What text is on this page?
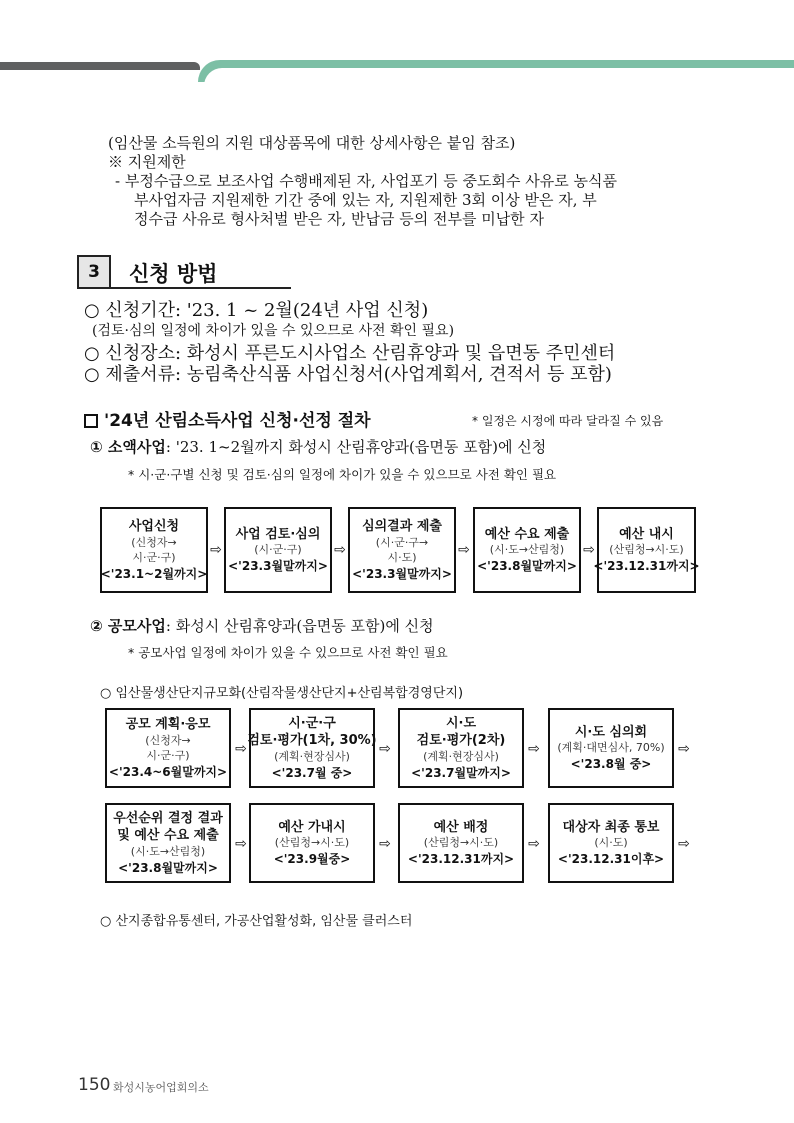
(임산물 소득원의 지원 대상품목에 대한 상세사항은 붙임 참조)
※ 지원제한
- 부정수급으로 보조사업 수행배제된 자, 사업포기 등 중도회수 사유로 농식품
부사업자금 지원제한 기간 중에 있는 자, 지원제한 3회 이상 받은 자, 부
정수급 사유로 형사처벌 받은 자, 반납금 등의 전부를 미납한 자
3	신청 방법
○ 신청기간: '23. 1 ~ 2월(24년 사업 신청)
(검토·심의 일정에 차이가 있을 수 있으므로 사전 확인 필요)
○ 신청장소: 화성시 푸른도시사업소 산림휴양과 및 읍면동 주민센터
○ 제출서류: 농림축산식품 사업신청서(사업계획서, 견적서 등 포함)
'24년 산림소득사업 신청·선정 절차	* 일정은 시정에 따라 달라질 수 있음
① 소액사업: '23. 1~2월까지 화성시 산림휴양과(읍면동 포함)에 신청
* 시·군·구별 신청 및 검토·심의 일정에 차이가 있을 수 있으므로 사전 확인 필요
사업신청
(신청자→
시·군·구)
<'23.1~2월까지>
⇨
사업 검토·심의
(시·군·구)
<'23.3월말까지>
⇨
심의결과 제출
(시·군·구→
시·도)
<'23.3월말까지>
⇨
예산 수요 제출
(시·도→산림청)
<'23.8월말까지>
⇨
예산 내시
(산림청→시·도)
<'23.12.31까지>
② 공모사업: 화성시 산림휴양과(읍면동 포함)에 신청
* 공모사업 일정에 차이가 있을 수 있으므로 사전 확인 필요
○ 임산물생산단지규모화(산림작물생산단지+산림복합경영단지)
공모 계획·응모
(신청자→
시·군·구)
<'23.4~6월말까지>
⇨
시·군·구
검토·평가(1차, 30%)
(계획·현장심사)
<'23.7월 중>
⇨
시·도
검토·평가(2차)
(계획·현장심사)
<'23.7월말까지>
⇨
시·도 심의회
(계획·대면심사, 70%)
<'23.8월 중>
⇨
우선순위 결정 결과
및 예산 수요 제출
(시·도→산림청)
<'23.8월말까지>
⇨
예산 가내시
(산림청→시·도)
<'23.9월중>
⇨
예산 배정
(산림청→시·도)
<'23.12.31까지>
⇨
대상자 최종 통보
(시·도)
<'23.12.31이후>
⇨
○ 산지종합유통센터, 가공산업활성화, 임산물 클러스터
150 화성시농어업회의소
